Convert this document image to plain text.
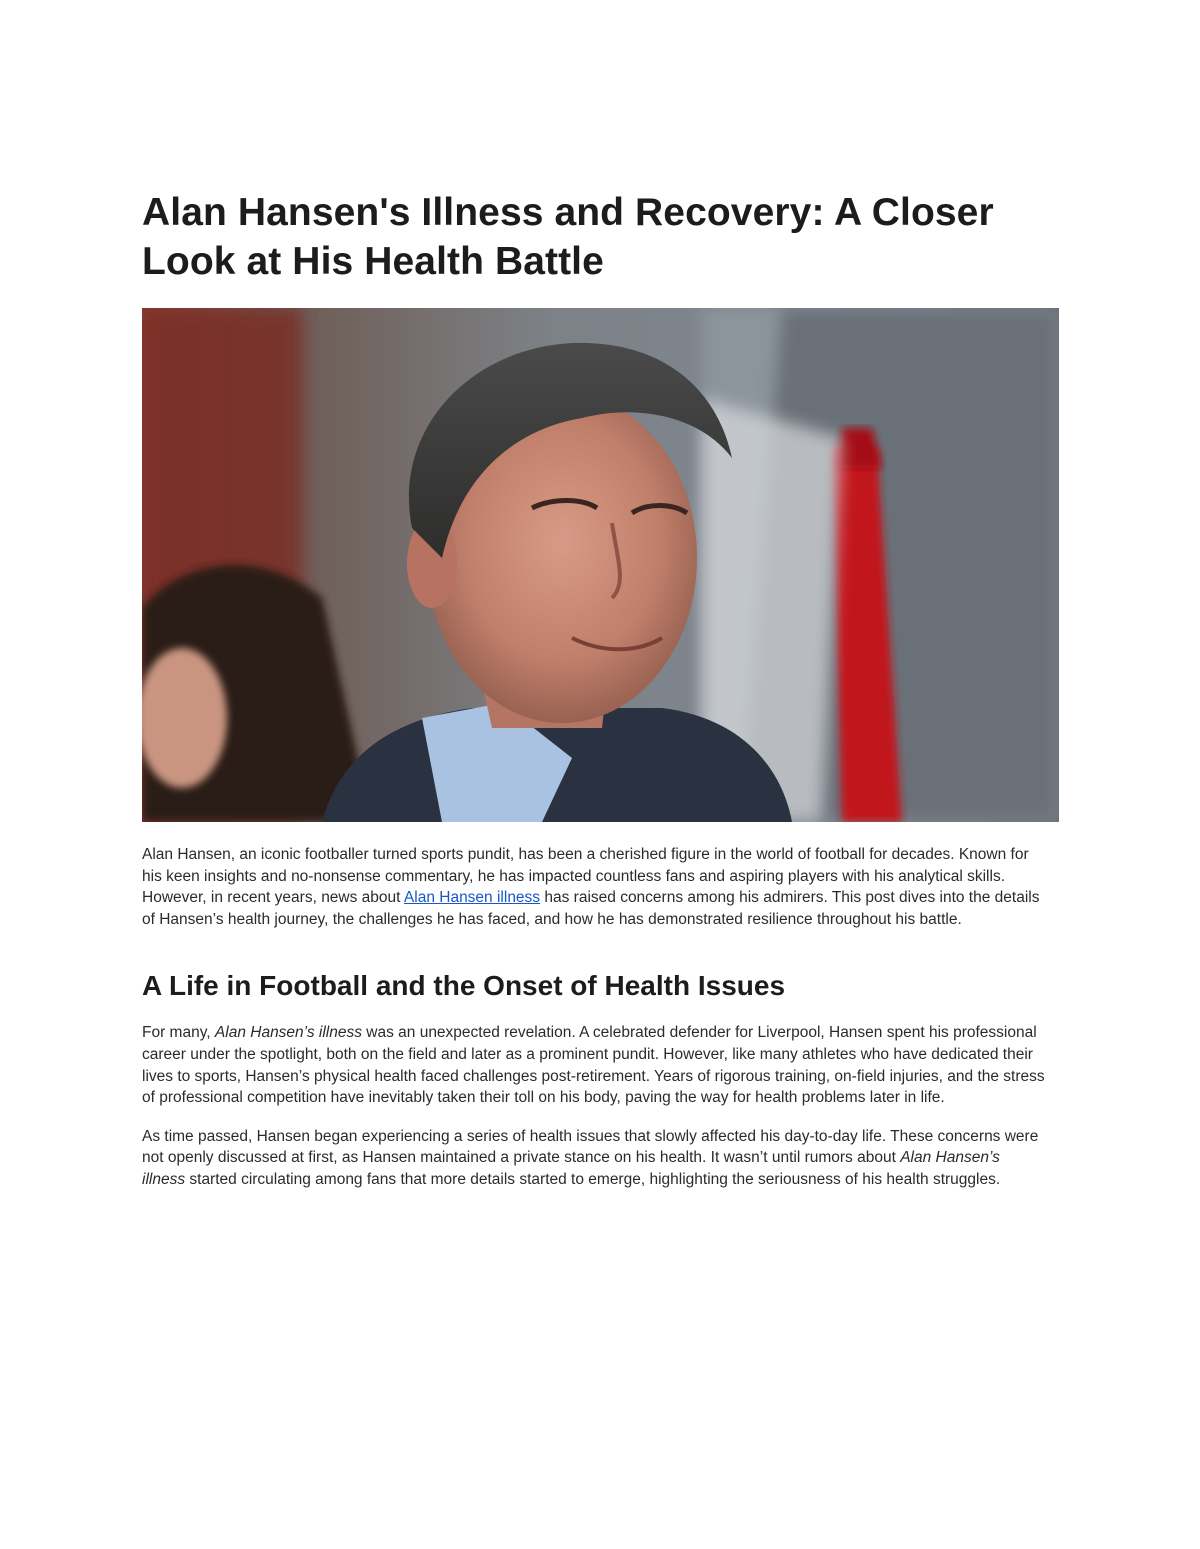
Alan Hansen's Illness and Recovery: A Closer Look at His Health Battle

Alan Hansen, an iconic footballer turned sports pundit, has been a cherished figure in the world of football for decades. Known for his keen insights and no-nonsense commentary, he has impacted countless fans and aspiring players with his analytical skills. However, in recent years, news about Alan Hansen illness has raised concerns among his admirers. This post dives into the details of Hansen’s health journey, the challenges he has faced, and how he has demonstrated resilience throughout his battle.

A Life in Football and the Onset of Health Issues

For many, Alan Hansen’s illness was an unexpected revelation. A celebrated defender for Liverpool, Hansen spent his professional career under the spotlight, both on the field and later as a prominent pundit. However, like many athletes who have dedicated their lives to sports, Hansen’s physical health faced challenges post-retirement. Years of rigorous training, on-field injuries, and the stress of professional competition have inevitably taken their toll on his body, paving the way for health problems later in life.

As time passed, Hansen began experiencing a series of health issues that slowly affected his day-to-day life. These concerns were not openly discussed at first, as Hansen maintained a private stance on his health. It wasn’t until rumors about Alan Hansen’s illness started circulating among fans that more details started to emerge, highlighting the seriousness of his health struggles.
